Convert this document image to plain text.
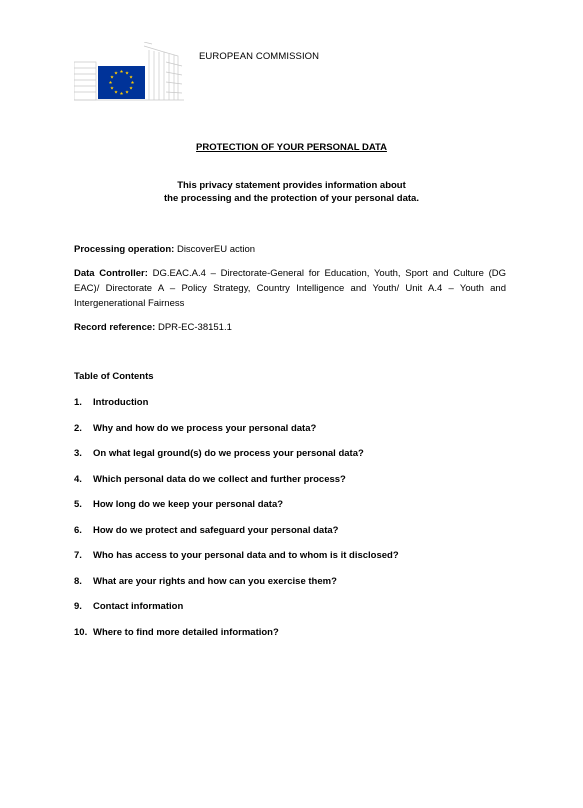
EUROPEAN COMMISSION
PROTECTION OF YOUR PERSONAL DATA
This privacy statement provides information about
the processing and the protection of your personal data.
Processing operation: DiscoverEU action
Data Controller: DG.EAC.A.4 – Directorate-General for Education, Youth, Sport and Culture (DG
EAC)/ Directorate A – Policy Strategy, Country Intelligence and Youth/ Unit A.4 – Youth and
Intergenerational Fairness
Record reference: DPR-EC-38151.1
Table of Contents
1. Introduction
2. Why and how do we process your personal data?
3. On what legal ground(s) do we process your personal data?
4. Which personal data do we collect and further process?
5. How long do we keep your personal data?
6. How do we protect and safeguard your personal data?
7. Who has access to your personal data and to whom is it disclosed?
8. What are your rights and how can you exercise them?
9. Contact information
10. Where to find more detailed information?
